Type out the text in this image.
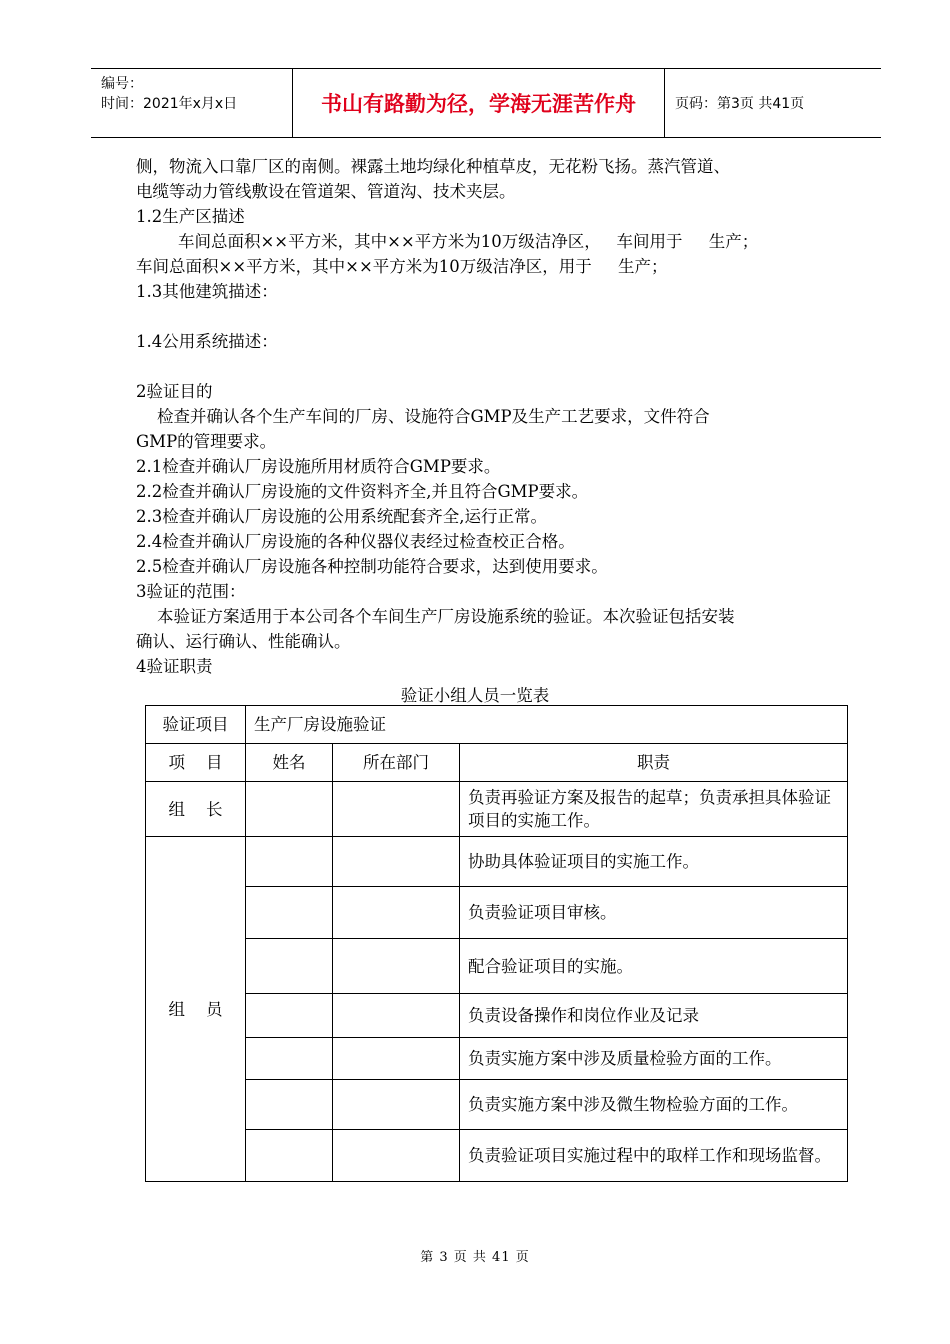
编号：
时间：2021年x月x日	书山有路勤为径，学海无涯苦作舟	页码：第3页 共41页

侧，物流入口靠厂区的南侧。裸露土地均绿化种植草皮，无花粉飞扬。蒸汽管道、

电缆等动力管线敷设在管道架、管道沟、技术夹层。

1.2生产区描述

车间总面积××平方米，其中××平方米为10万级洁净区，   车间用于     生产；

车间总面积××平方米，其中××平方米为10万级洁净区，用于     生产；

1.3其他建筑描述：

1.4公用系统描述：

2验证目的

检查并确认各个生产车间的厂房、设施符合GMP及生产工艺要求，文件符合

GMP的管理要求。

2.1检查并确认厂房设施所用材质符合GMP要求。

2.2检查并确认厂房设施的文件资料齐全,并且符合GMP要求。

2.3检查并确认厂房设施的公用系统配套齐全,运行正常。

2.4检查并确认厂房设施的各种仪器仪表经过检查校正合格。

2.5检查并确认厂房设施各种控制功能符合要求，达到使用要求。

3验证的范围：

本验证方案适用于本公司各个车间生产厂房设施系统的验证。本次验证包括安装

确认、运行确认、性能确认。

4验证职责

验证小组人员一览表
验证项目	生产厂房设施验证		
项    目	姓名	所在部门	职责
组    长			负责再验证方案及报告的起草；负责承担具体验证项目的实施工作。
组    员			协助具体验证项目的实施工作。
			负责验证项目审核。
			配合验证项目的实施。
			负责设备操作和岗位作业及记录
			负责实施方案中涉及质量检验方面的工作。
			负责实施方案中涉及微生物检验方面的工作。
			负责验证项目实施过程中的取样工作和现场监督。
第 3 页 共 41 页
